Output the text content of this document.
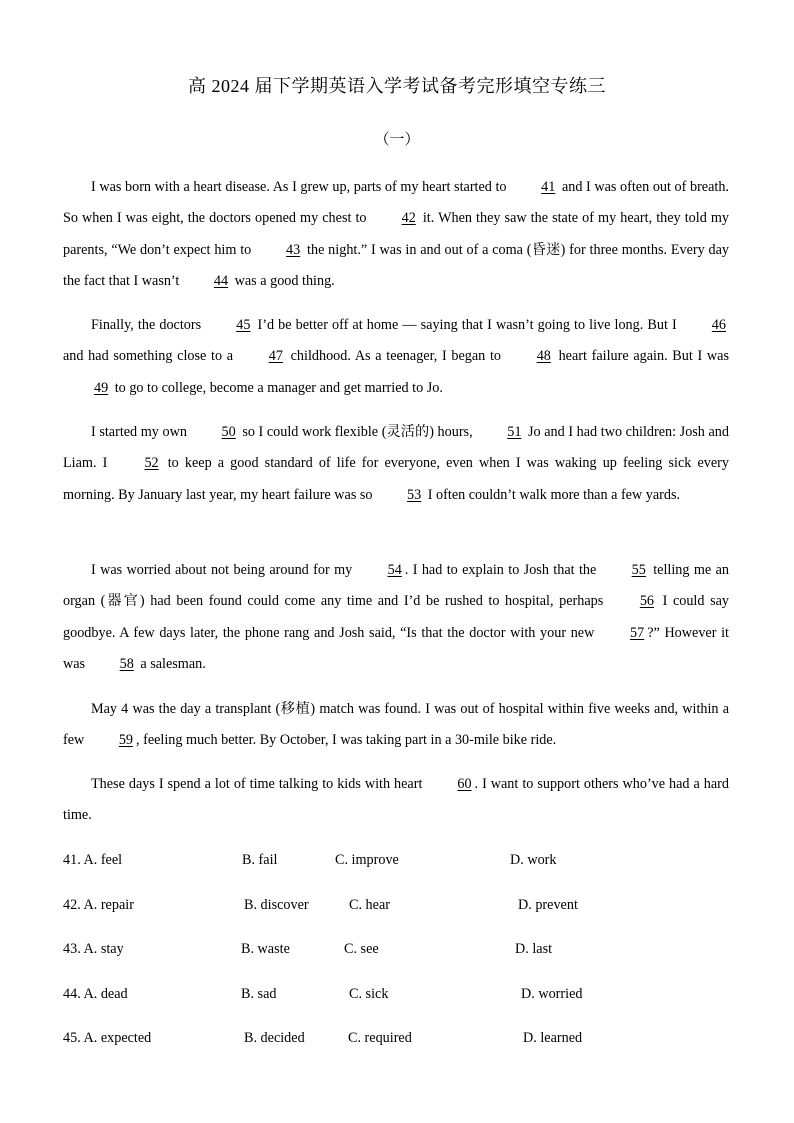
高 2024 届下学期英语入学考试备考完形填空专练三
（一）
I was born with a heart disease. As I grew up, parts of my heart started to 41 and I was often out of breath. So when I was eight, the doctors opened my chest to 42 it. When they saw the state of my heart, they told my parents, “We don’t expect him to 43 the night.” I was in and out of a coma (昏迷) for three months. Every day the fact that I wasn’t 44 was a good thing.
Finally, the doctors 45 I’d be better off at home — saying that I wasn’t going to live long. But I 46 and had something close to a 47 childhood. As a teenager, I began to 48 heart failure again. But I was 49 to go to college, become a manager and get married to Jo.
I started my own 50 so I could work flexible (灵活的) hours, 51 Jo and I had two children: Josh and Liam. I 52 to keep a good standard of life for everyone, even when I was waking up feeling sick every morning. By January last year, my heart failure was so 53 I often couldn’t walk more than a few yards.
I was worried about not being around for my 54 . I had to explain to Josh that the 55 telling me an organ (器官) had been found could come any time and I’d be rushed to hospital, perhaps 56 I could say goodbye. A few days later, the phone rang and Josh said, “Is that the doctor with your new 57 ?” However it was 58 a salesman.
May 4 was the day a transplant (移植) match was found. I was out of hospital within five weeks and, within a few 59 , feeling much better. By October, I was taking part in a 30-mile bike ride.
These days I spend a lot of time talking to kids with heart 60 . I want to support others who’ve had a hard time.
41. A. feel	B. fail	C. improve	D. work
42. A. repair	B. discover	C. hear	D. prevent
43. A. stay	B. waste	C. see	D. last
44. A. dead	B. sad	C. sick	D. worried
45. A. expected	B. decided	C. required	D. learned
